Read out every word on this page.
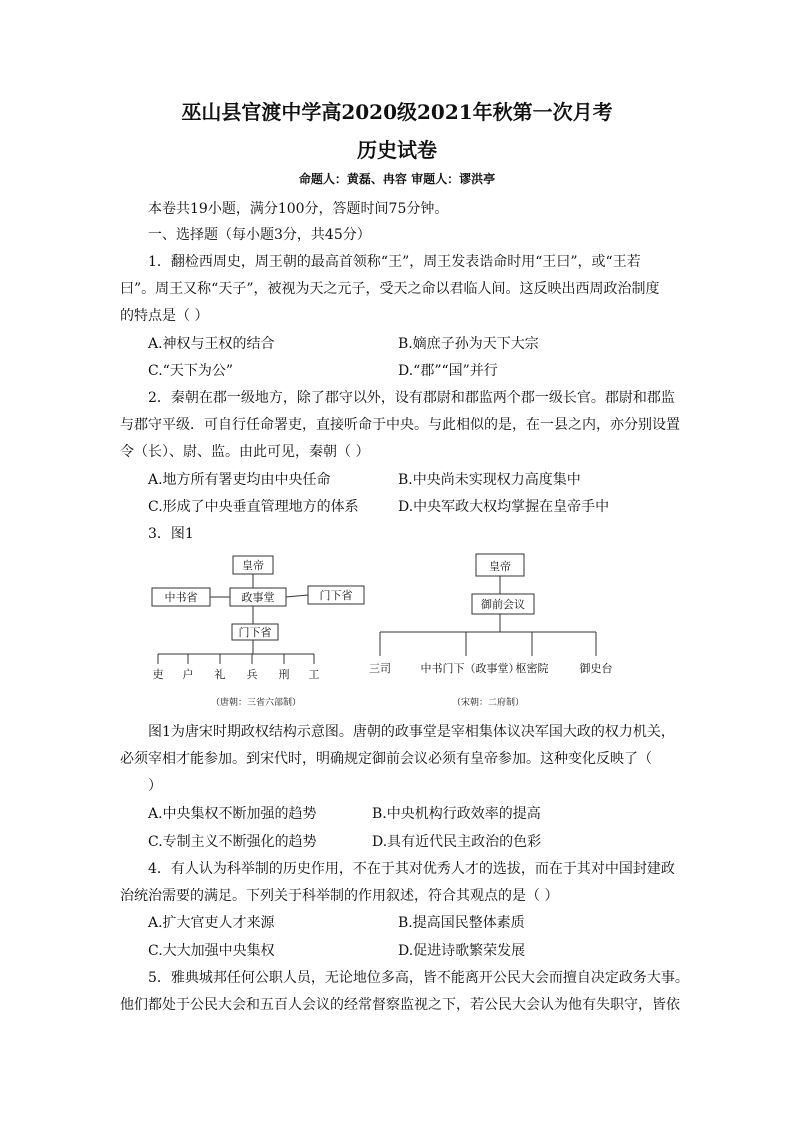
巫山县官渡中学高2020级2021年秋第一次月考
历史试卷
命题人：黄磊、冉容 审题人：谬洪亭
本卷共19小题，满分100分，答题时间75分钟。
一、选择题（每小题3分，共45分）
1．翻检西周史，周王朝的最高首领称“王”，周王发表诰命时用“王曰”，或“王若
曰”。周王又称“天子”，被视为天之元子，受天之命以君临人间。这反映出西周政治制度
的特点是（ ）
A.神权与王权的结合	B.嫡庶子孙为天下大宗
C.“天下为公”	D.“郡”“国”并行
2．秦朝在郡一级地方，除了郡守以外，设有郡尉和郡监两个郡一级长官。郡尉和郡监
与郡守平级．可自行任命署吏，直接听命于中央。与此相似的是，在一县之内，亦分别设置
令（长）、尉、监。由此可见，秦朝（ ）
A.地方所有署吏均由中央任命	B.中央尚未实现权力高度集中
C.形成了中央垂直管理地方的体系	D.中央军政大权均掌握在皇帝手中
3．图1
皇帝
中书省	政事堂	门下省
门下省
吏 户 礼 兵 刑 工
皇帝
御前会议
三司	中书门下（政事堂）
枢密院	御史台
（唐朝：三省六部制）	（宋朝：二府制）
图1为唐宋时期政权结构示意图。唐朝的政事堂是宰相集体议决军国大政的权力机关，
必须宰相才能参加。到宋代时，明确规定御前会议必须有皇帝参加。这种变化反映了（
）
A.中央集权不断加强的趋势	B.中央机构行政效率的提高
C.专制主义不断强化的趋势	D.具有近代民主政治的色彩
4．有人认为科举制的历史作用，不在于其对优秀人才的选拔，而在于其对中国封建政
治统治需要的满足。下列关于科举制的作用叙述，符合其观点的是（ ）
A.扩大官吏人才来源	B.提高国民整体素质
C.大大加强中央集权	D.促进诗歌繁荣发展
5．雅典城邦任何公职人员，无论地位多高，皆不能离开公民大会而擅自决定政务大事。
他们都处于公民大会和五百人会议的经常督察监视之下，若公民大会认为他有失职守，皆依
